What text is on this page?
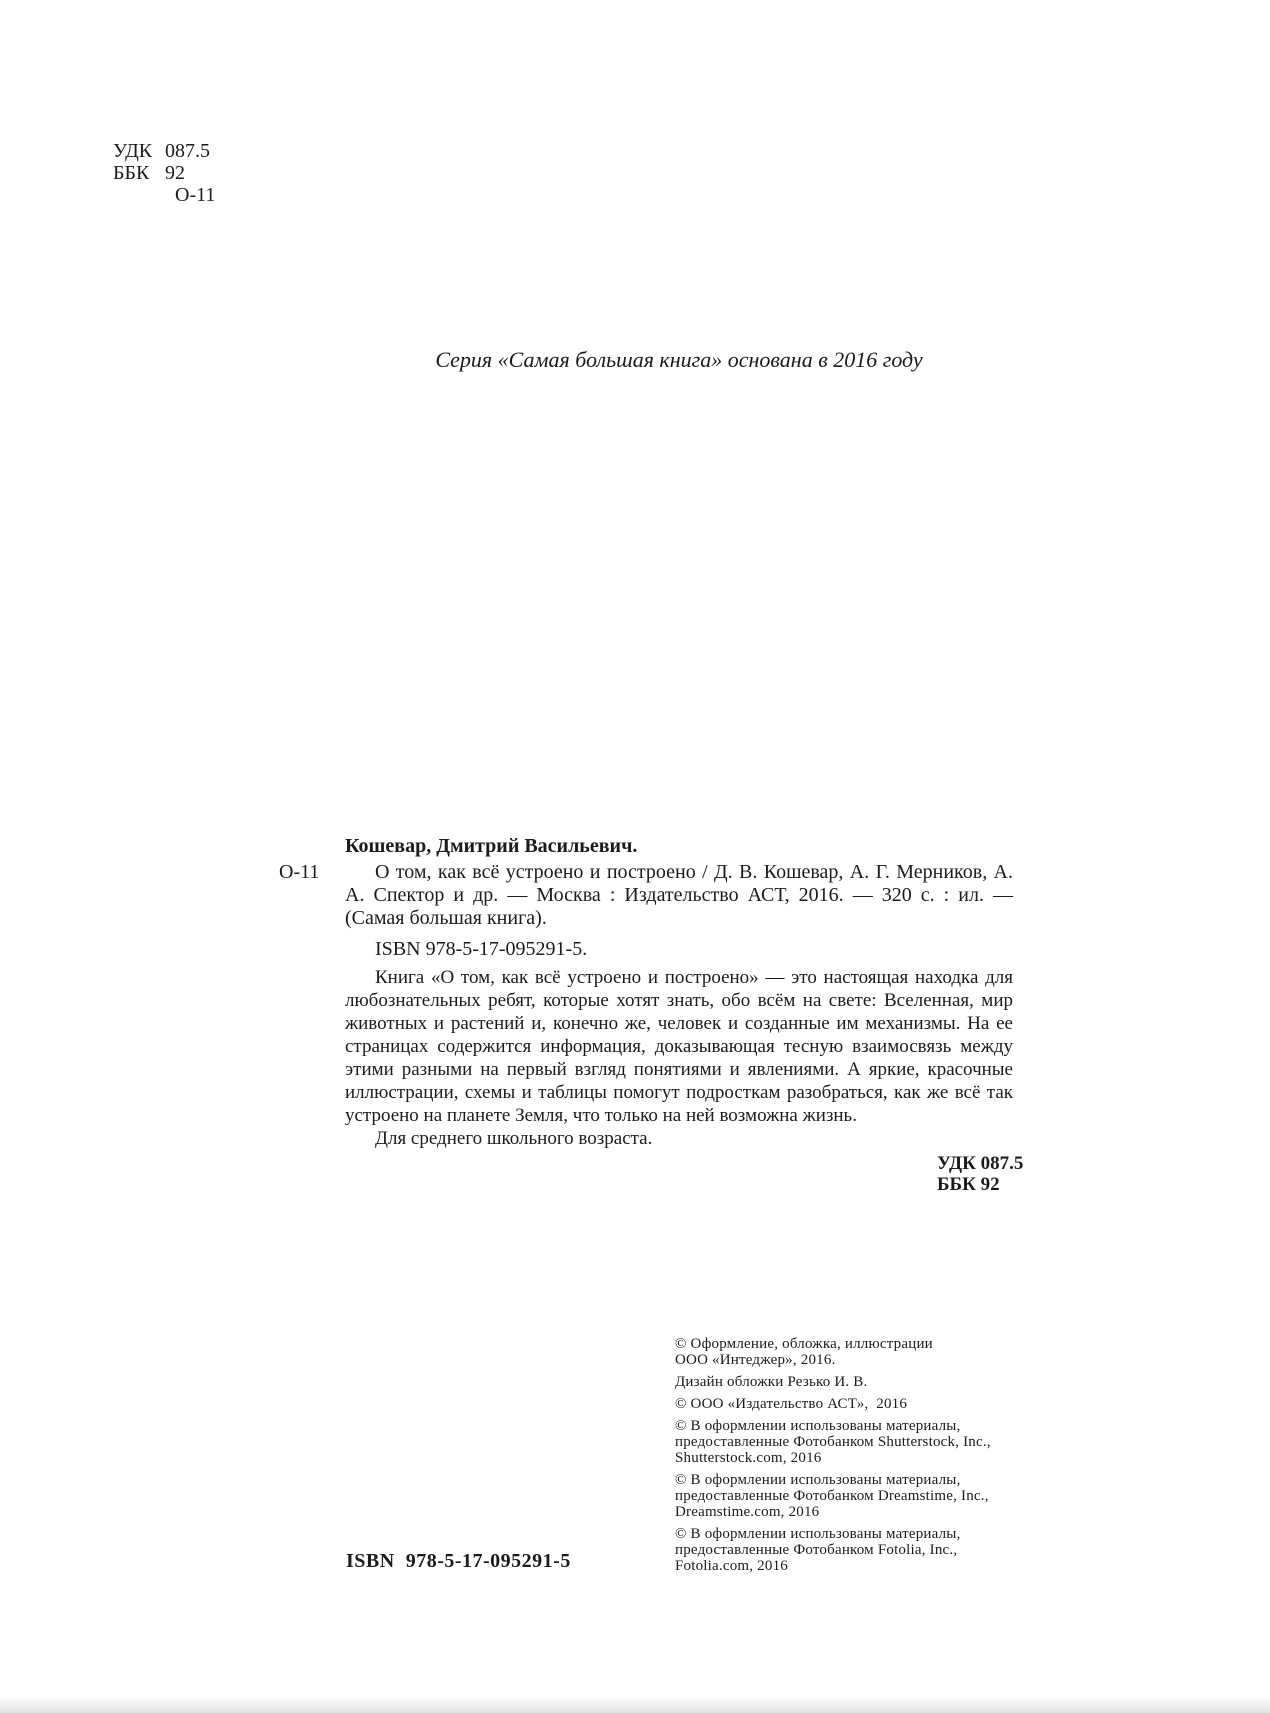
УДК 087.5
ББК 92
О-11
Серия «Самая большая книга» основана в 2016 году

Кошевар, Дмитрий Васильевич.

О-11	О том, как всё устроено и построено / Д. В. Кошевар, А. Г. Мерников, А. А. Спектор и др. — Москва : Издательство АСТ, 2016. — 320 с. : ил. — (Самая большая книга).

ISBN 978-5-17-095291-5.

Книга «О том, как всё устроено и построено» — это настоящая находка для любознательных ребят, которые хотят знать, обо всём на свете: Вселенная, мир животных и растений и, конечно же, человек и созданные им механизмы. На ее страницах содержится информация, доказывающая тесную взаимосвязь между этими разными на первый взгляд понятиями и явлениями. А яркие, красочные иллюстрации, схемы и таблицы помогут подросткам разобраться, как же всё так устроено на планете Земля, что только на ней возможна жизнь.

Для среднего школьного возраста.

УДК 087.5
ББК 92
© Оформление, обложка, иллюстрации
ООО «Интеджер», 2016.
Дизайн обложки Резько И. В.
© ООО «Издательство АСТ»,  2016
© В оформлении использованы материалы,
предоставленные Фотобанком Shutterstock, Inc.,
Shutterstock.com, 2016
© В оформлении использованы материалы,
предоставленные Фотобанком Dreamstime, Inc.,
Dreamstime.com, 2016
© В оформлении использованы материалы,
предоставленные Фотобанком Fotolia, Inc.,
Fotolia.com, 2016
ISBN  978-5-17-095291-5
